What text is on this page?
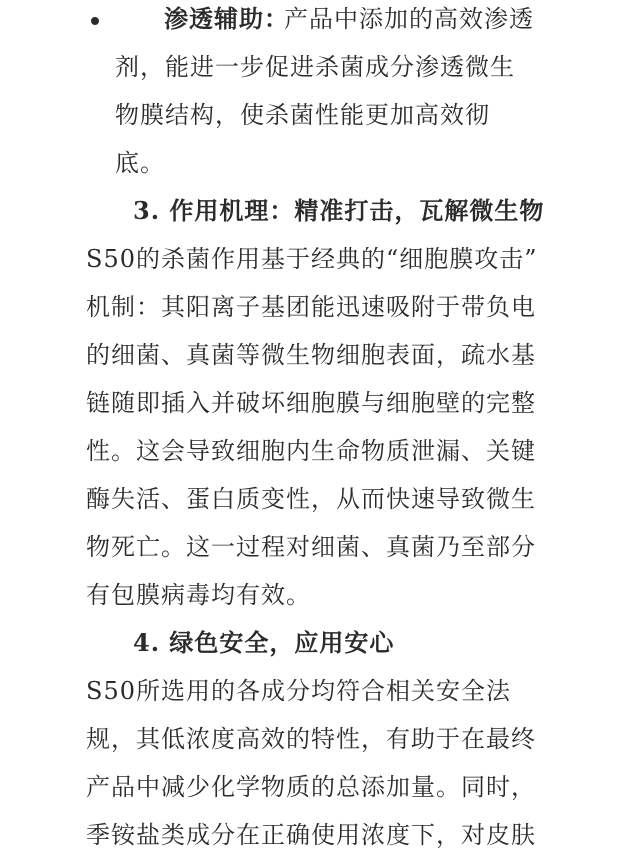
渗透辅助：
产品中添加的高效渗透
剂，能进一步促进杀菌成分渗透微生
物膜结构，使杀菌性能更加高效彻
底。
3. 作用机理：精准打击，瓦解微生物
S50的杀菌作用基于经典的“细胞膜攻击”
机制：其阳离子基团能迅速吸附于带负电
的细菌、真菌等微生物细胞表面，疏水基
链随即插入并破坏细胞膜与细胞壁的完整
性。这会导致细胞内生命物质泄漏、关键
酶失活、蛋白质变性，从而快速导致微生
物死亡。这一过程对细菌、真菌乃至部分
有包膜病毒均有效。
4. 绿色安全，应用安心
S50所选用的各成分均符合相关安全法
规，其低浓度高效的特性，有助于在最终
产品中减少化学物质的总添加量。同时，
季铵盐类成分在正确使用浓度下，对皮肤
